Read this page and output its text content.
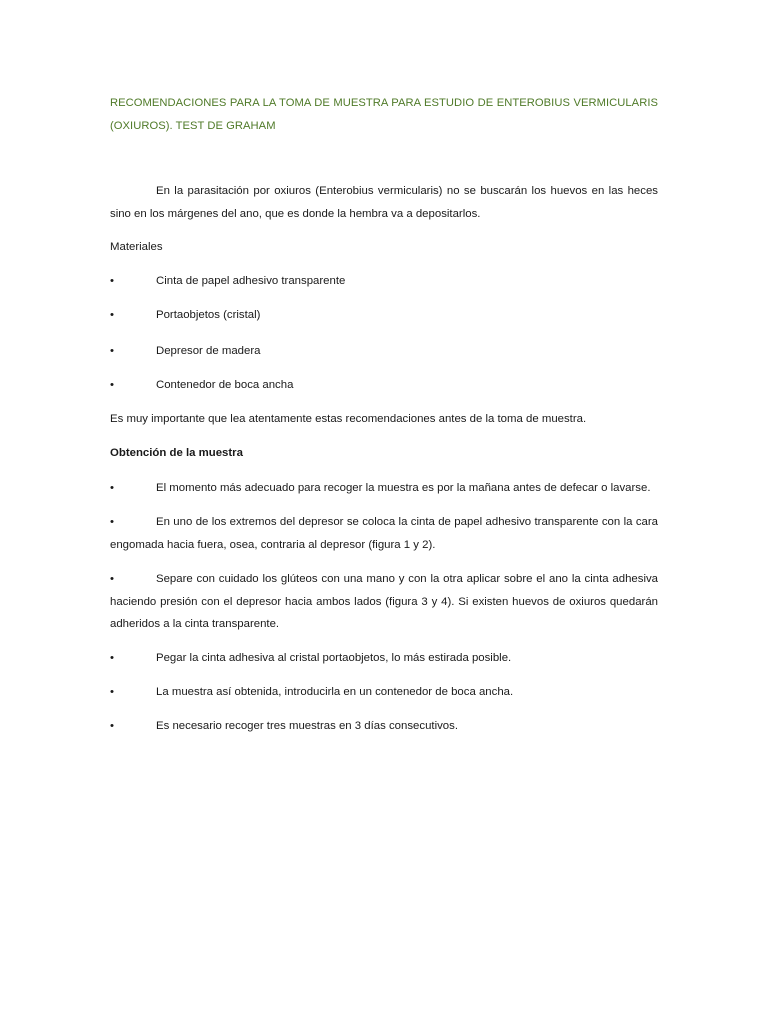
RECOMENDACIONES PARA LA TOMA DE MUESTRA PARA ESTUDIO DE ENTEROBIUS VERMICULARIS (OXIUROS). TEST DE GRAHAM
En la parasitación por oxiuros (Enterobius vermicularis) no se buscarán los huevos en las heces sino en los márgenes del ano, que es donde la hembra va a depositarlos.
Materiales
•	Cinta de papel adhesivo transparente
•	Portaobjetos (cristal)
•	Depresor de madera
•	Contenedor de boca ancha
Es muy importante que lea atentamente estas recomendaciones antes de la toma de muestra.
Obtención de la muestra
•	El momento más adecuado para recoger la muestra es por la mañana antes de defecar o lavarse.
•	En uno de los extremos del depresor se coloca la cinta de papel adhesivo transparente con la cara engomada hacia fuera, osea, contraria al depresor (figura 1 y 2).
•	Separe con cuidado los glúteos con una mano y con la otra aplicar sobre el ano la cinta adhesiva haciendo presión con el depresor hacia ambos lados (figura 3 y 4). Si existen huevos de oxiuros quedarán adheridos a la cinta transparente.
•	Pegar la cinta adhesiva al cristal portaobjetos, lo más estirada posible.
•	La muestra así obtenida, introducirla en un contenedor de boca ancha.
•	Es necesario recoger tres muestras en 3 días consecutivos.
